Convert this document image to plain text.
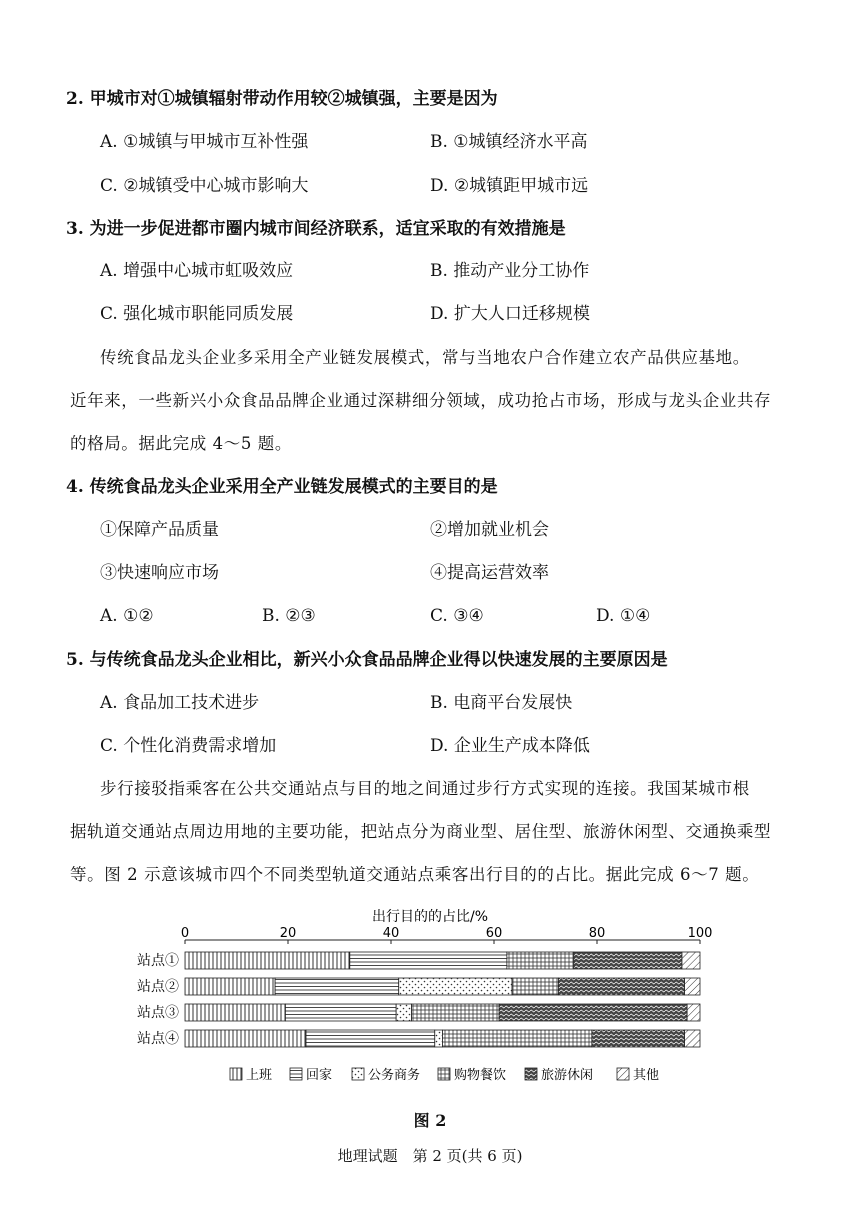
2. 甲城市对①城镇辐射带动作用较②城镇强，主要是因为
A. ①城镇与甲城市互补性强	B. ①城镇经济水平高
C. ②城镇受中心城市影响大	D. ②城镇距甲城市远
3. 为进一步促进都市圈内城市间经济联系，适宜采取的有效措施是
A. 增强中心城市虹吸效应	B. 推动产业分工协作
C. 强化城市职能同质发展	D. 扩大人口迁移规模
传统食品龙头企业多采用全产业链发展模式，常与当地农户合作建立农产品供应基地。
近年来，一些新兴小众食品品牌企业通过深耕细分领域，成功抢占市场，形成与龙头企业共存
的格局。据此完成 4～5 题。
4. 传统食品龙头企业采用全产业链发展模式的主要目的是
①保障产品质量	②增加就业机会
③快速响应市场	④提高运营效率
A. ①②	B. ②③	C. ③④	D. ①④
5. 与传统食品龙头企业相比，新兴小众食品品牌企业得以快速发展的主要原因是
A. 食品加工技术进步	B. 电商平台发展快
C. 个性化消费需求增加	D. 企业生产成本降低
步行接驳指乘客在公共交通站点与目的地之间通过步行方式实现的连接。我国某城市根
据轨道交通站点周边用地的主要功能，把站点分为商业型、居住型、旅游休闲型、交通换乘型
等。图 2 示意该城市四个不同类型轨道交通站点乘客出行目的的占比。据此完成 6～7 题。
出行目的的占比/%
0	20	40	60	80	100
站点①
站点②
站点③
站点④
上班	回家	公务商务	购物餐饮	旅游休闲	其他
图 2
地理试题　第 2 页(共 6 页)
